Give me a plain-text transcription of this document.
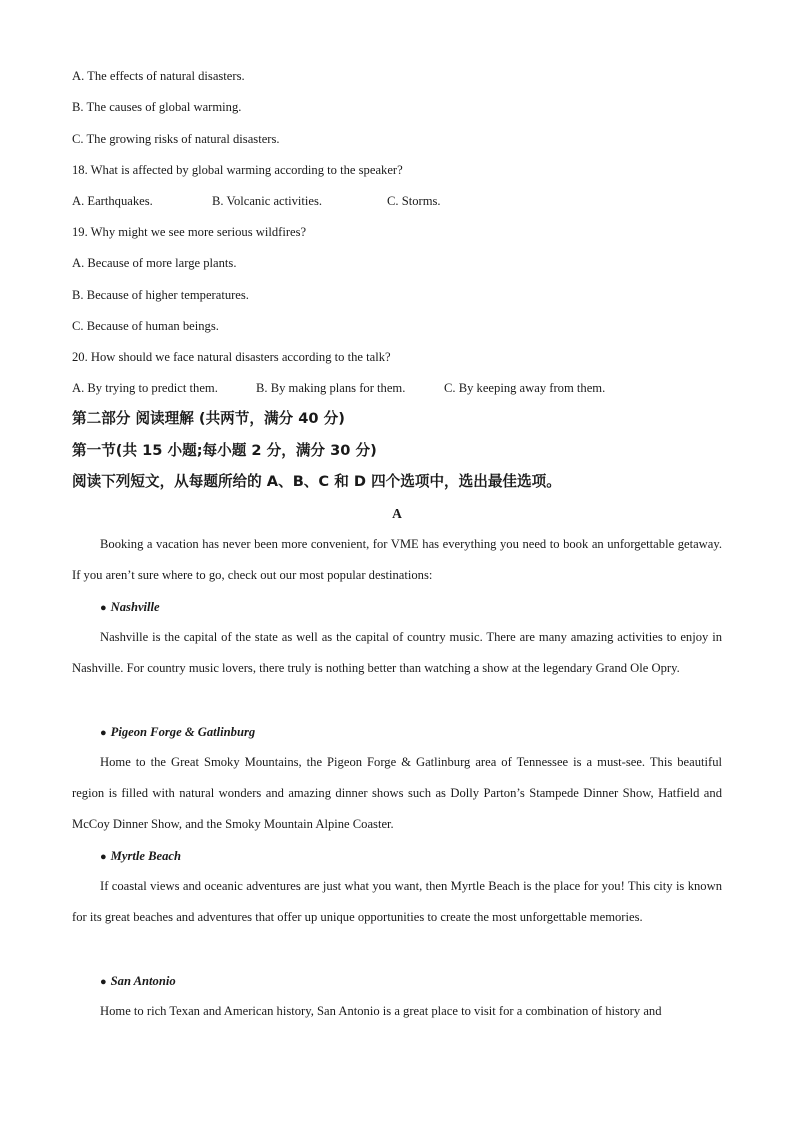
A. The effects of natural disasters.
B. The causes of global warming.
C. The growing risks of natural disasters.
18. What is affected by global warming according to the speaker?
A. Earthquakes.	B. Volcanic activities.	C. Storms.
19. Why might we see more serious wildfires?
A. Because of more large plants.
B. Because of higher temperatures.
C. Because of human beings.
20. How should we face natural disasters according to the talk?
A. By trying to predict them.	B. By making plans for them.	C. By keeping away from them.
第二部分 阅读理解 (共两节，满分 40 分)
第一节(共 15 小题;每小题 2 分，满分 30 分)
阅读下列短文，从每题所给的 A、B、C 和 D 四个选项中，选出最佳选项。
A

Booking a vacation has never been more convenient, for VME has everything you need to book an unforgettable getaway. If you aren’t sure where to go, check out our most popular destinations:

● Nashville

Nashville is the capital of the state as well as the capital of country music. There are many amazing activities to enjoy in Nashville. For country music lovers, there truly is nothing better than watching a show at the legendary Grand Ole Opry.

● Pigeon Forge & Gatlinburg

Home to the Great Smoky Mountains, the Pigeon Forge & Gatlinburg area of Tennessee is a must-see. This beautiful region is filled with natural wonders and amazing dinner shows such as Dolly Parton’s Stampede Dinner Show, Hatfield and McCoy Dinner Show, and the Smoky Mountain Alpine Coaster.

● Myrtle Beach

If coastal views and oceanic adventures are just what you want, then Myrtle Beach is the place for you! This city is known for its great beaches and adventures that offer up unique opportunities to create the most unforgettable memories.

● San Antonio

Home to rich Texan and American history, San Antonio is a great place to visit for a combination of history and
